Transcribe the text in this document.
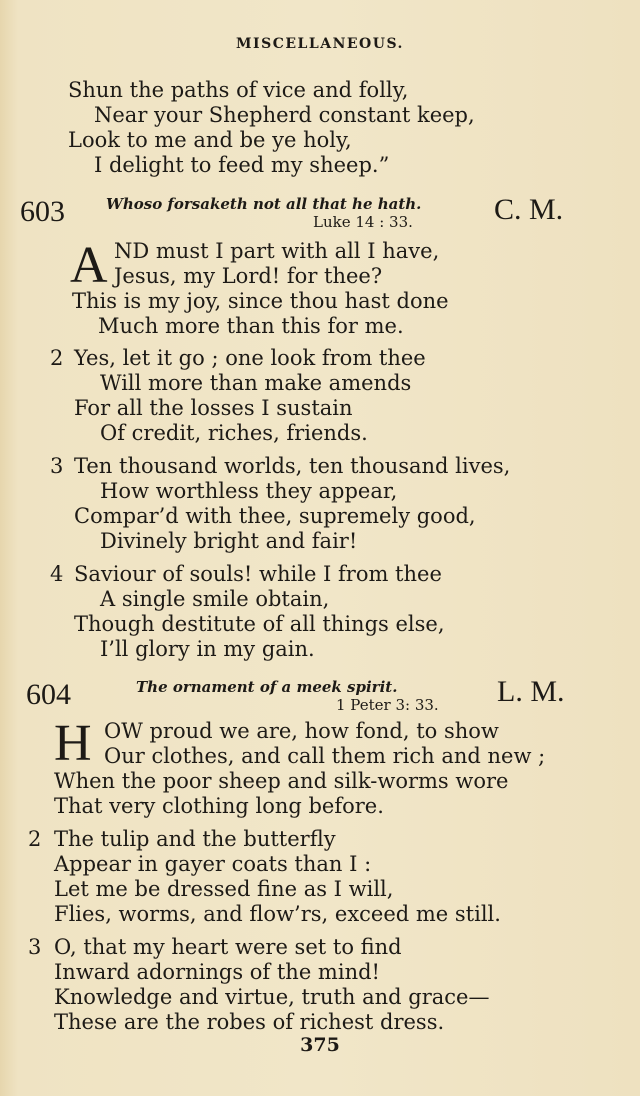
MISCELLANEOUS.
Shun the paths of vice and folly,
Near your Shepherd constant keep,
Look to me and be ye holy,
I delight to feed my sheep.”
603	Whoso forsaketh not all that he hath.
Luke 14 : 33.	C. M.
A ND must I part with all I have,
Jesus, my Lord! for thee?
This is my joy, since thou hast done
Much more than this for me.
2 Yes, let it go ; one look from thee
Will more than make amends
For all the losses I sustain
Of credit, riches, friends.
3 Ten thousand worlds, ten thousand lives,
How worthless they appear,
Compar’d with thee, supremely good,
Divinely bright and fair!
4 Saviour of souls! while I from thee
A single smile obtain,
Though destitute of all things else,
I’ll glory in my gain.
604	The ornament of a meek spirit.
1 Peter 3: 33. L. M.
H OW proud we are, how fond, to show
Our clothes, and call them rich and new ;
When the poor sheep and silk-worms wore
That very clothing long before.
2 The tulip and the butterfly
Appear in gayer coats than I :
Let me be dressed fine as I will,
Flies, worms, and flow’rs, exceed me still.
3 O, that my heart were set to find
Inward adornings of the mind!
Knowledge and virtue, truth and grace—
These are the robes of richest dress.
375
